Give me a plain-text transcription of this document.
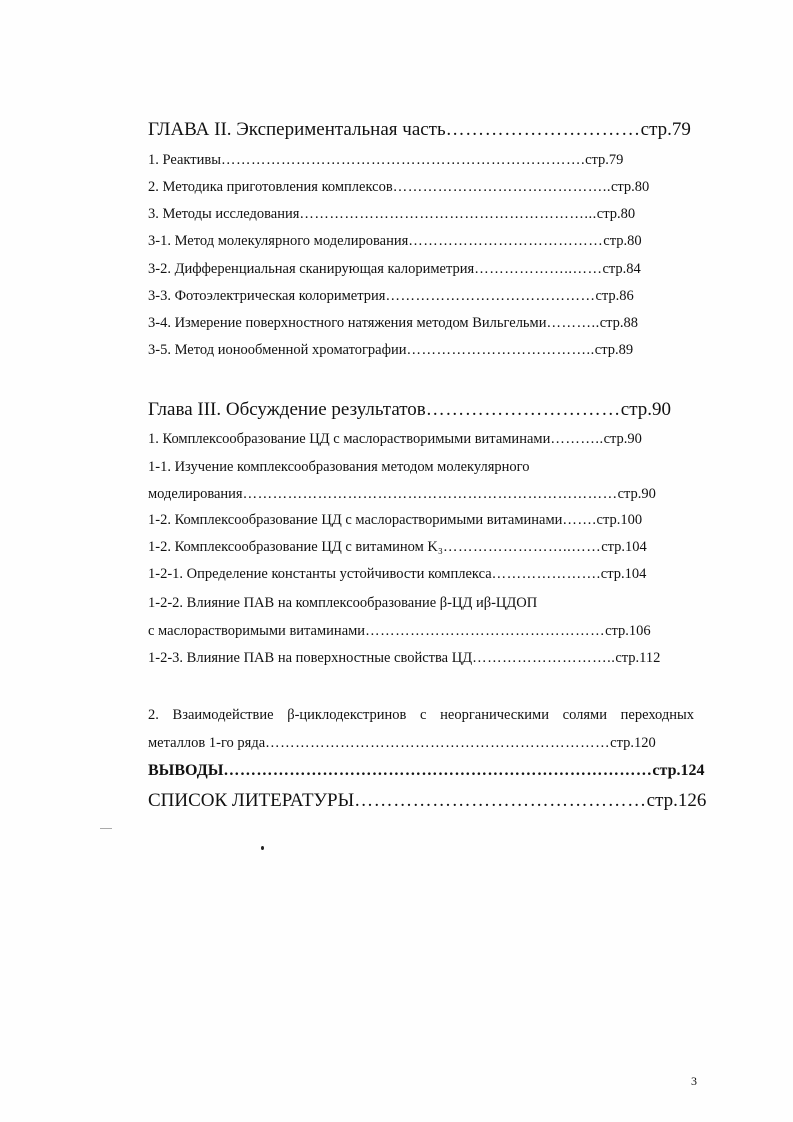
ГЛАВА II. Экспериментальная часть…………………………стр.79
1. Реактивы……………………………………………………………….стр.79
2. Методика приготовления комплексов……………………………………..стр.80
3. Методы исследования…………………………………………………...стр.80
3-1. Метод молекулярного моделирования…………………………………стр.80
3-2. Дифференциальная сканирующая калориметрия………………..……стр.84
3-3. Фотоэлектрическая колориметрия……………………………………стр.86
3-4. Измерение поверхностного натяжения методом Вильгельми………..стр.88
3-5. Метод ионообменной хроматографии………………………………..стр.89
Глава III. Обсуждение результатов…………………………стр.90
1. Комплексообразование ЦД с маслорастворимыми витаминами………..стр.90
1-1. Изучение комплексообразования методом молекулярного
моделирования…………………………………………………………………стр.90
1-2. Комплексообразование ЦД с маслорастворимыми витаминами…….стр.100
1-2. Комплексообразование ЦД с витамином K₃……………………..……стр.104
1-2-1. Определение константы устойчивости комплекса………………….стр.104
1-2-2. Влияние ПАВ на комплексообразование β-ЦД иβ-ЦДОП
с маслорастворимыми витаминами…………………………………………стр.106
1-2-3. Влияние ПАВ на поверхностные свойства ЦД………………………..стр.112
2. Взаимодействие β-циклодекстринов с неорганическими солями переходных
металлов 1-го ряда……………………………………………………………стр.120
ВЫВОДЫ……………………………………………………………………стр.124
СПИСОК ЛИТЕРАТУРЫ………………………………………стр.126
3
